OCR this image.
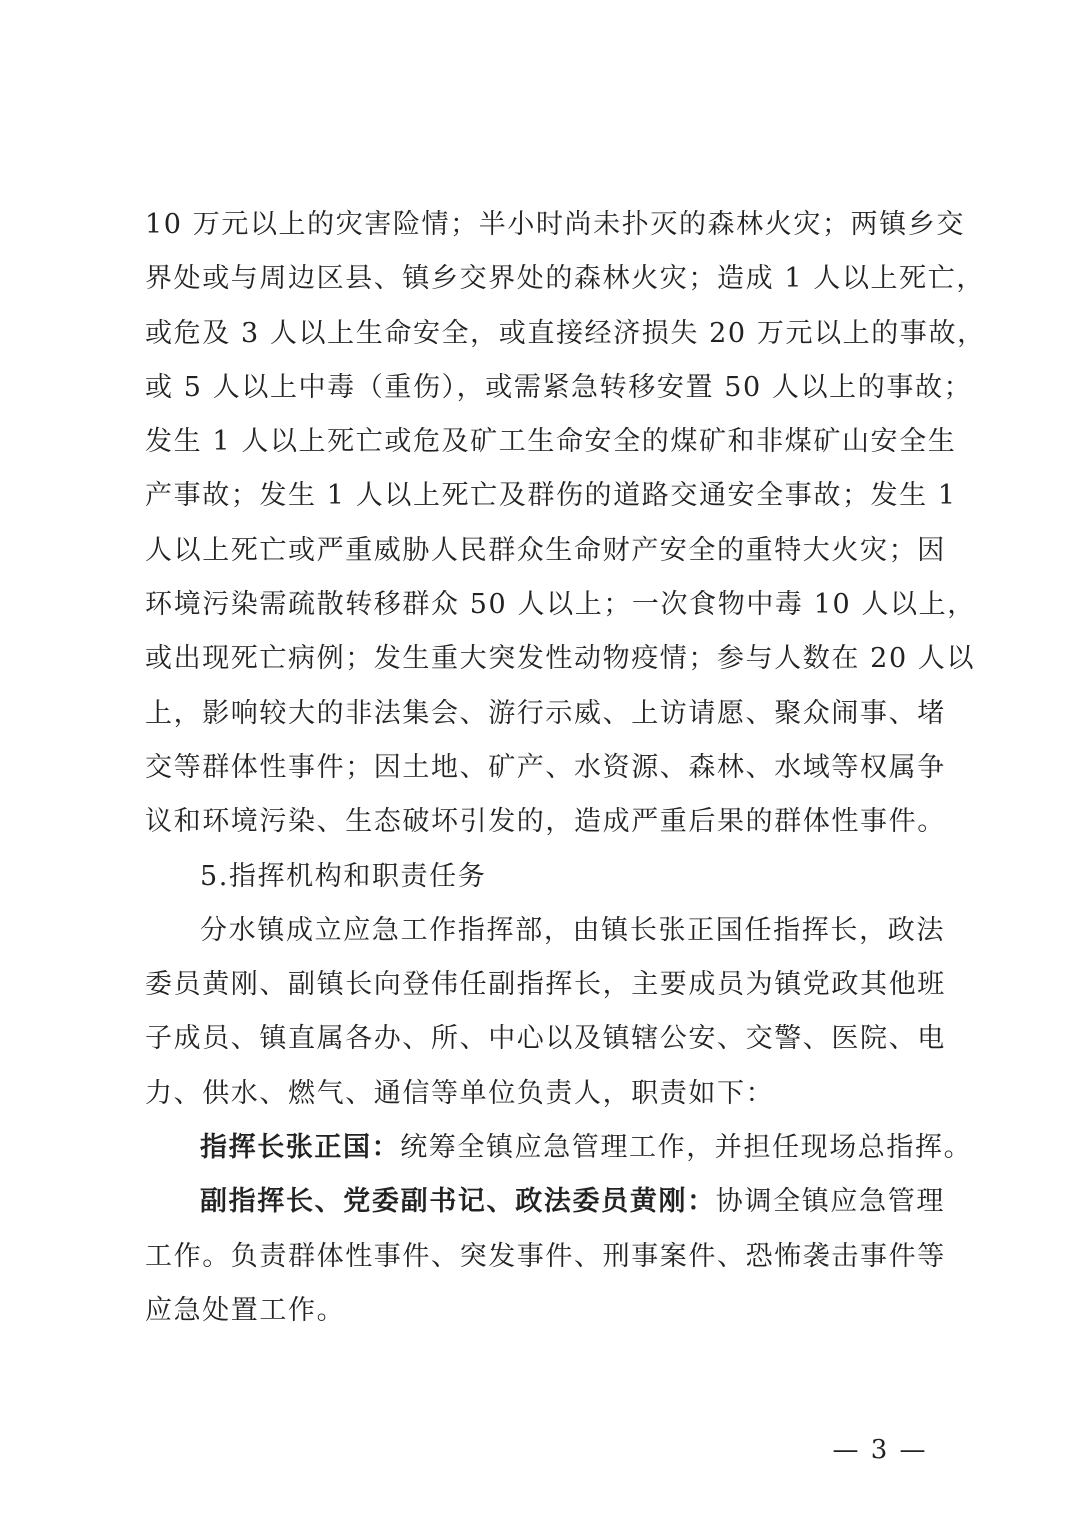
10 万元以上的灾害险情；半小时尚未扑灭的森林火灾；两镇乡交
界处或与周边区县、镇乡交界处的森林火灾；造成 1 人以上死亡，
或危及 3 人以上生命安全，或直接经济损失 20 万元以上的事故，
或 5 人以上中毒（重伤），或需紧急转移安置 50 人以上的事故；
发生 1 人以上死亡或危及矿工生命安全的煤矿和非煤矿山安全生
产事故；发生 1 人以上死亡及群伤的道路交通安全事故；发生 1
人以上死亡或严重威胁人民群众生命财产安全的重特大火灾；因
环境污染需疏散转移群众 50 人以上；一次食物中毒 10 人以上，
或出现死亡病例；发生重大突发性动物疫情；参与人数在 20 人以
上，影响较大的非法集会、游行示威、上访请愿、聚众闹事、堵
交等群体性事件；因土地、矿产、水资源、森林、水域等权属争
议和环境污染、生态破坏引发的，造成严重后果的群体性事件。
5.指挥机构和职责任务
分水镇成立应急工作指挥部，由镇长张正国任指挥长，政法
委员黄刚、副镇长向登伟任副指挥长，主要成员为镇党政其他班
子成员、镇直属各办、所、中心以及镇辖公安、交警、医院、电
力、供水、燃气、通信等单位负责人，职责如下：
指挥长张正国：统筹全镇应急管理工作，并担任现场总指挥。
副指挥长、党委副书记、政法委员黄刚：协调全镇应急管理
工作。负责群体性事件、突发事件、刑事案件、恐怖袭击事件等
应急处置工作。
— 3 —
